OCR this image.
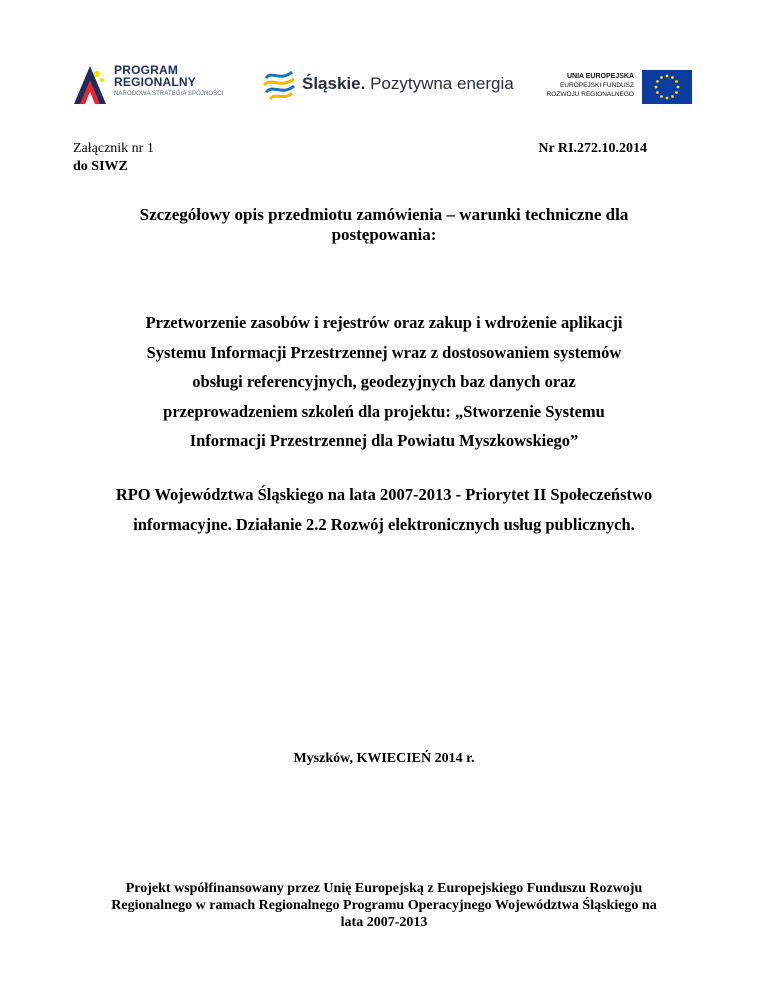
PROGRAM
REGIONALNY
NARODOWA STRATEGIA SPÓJNOŚCI
Śląskie. Pozytywna energia	UNIA EUROPEJSKA
EUROPEJSKI FUNDUSZ
ROZWOJU REGIONALNEGO
Załącznik nr 1
do SIWZ
Nr RI.272.10.2014
Szczegółowy opis przedmiotu zamówienia – warunki techniczne dla
postępowania:
Przetworzenie zasobów i rejestrów oraz zakup i wdrożenie aplikacji
Systemu Informacji Przestrzennej wraz z dostosowaniem systemów
obsługi referencyjnych, geodezyjnych baz danych oraz
przeprowadzeniem szkoleń dla projektu: „Stworzenie Systemu
Informacji Przestrzennej dla Powiatu Myszkowskiego”
RPO Województwa Śląskiego na lata 2007-2013 - Priorytet II Społeczeństwo
informacyjne. Działanie 2.2 Rozwój elektronicznych usług publicznych.
Myszków, KWIECIEŃ 2014 r.
Projekt współfinansowany przez Unię Europejską z Europejskiego Funduszu Rozwoju
Regionalnego w ramach Regionalnego Programu Operacyjnego Województwa Śląskiego na
lata 2007-2013
